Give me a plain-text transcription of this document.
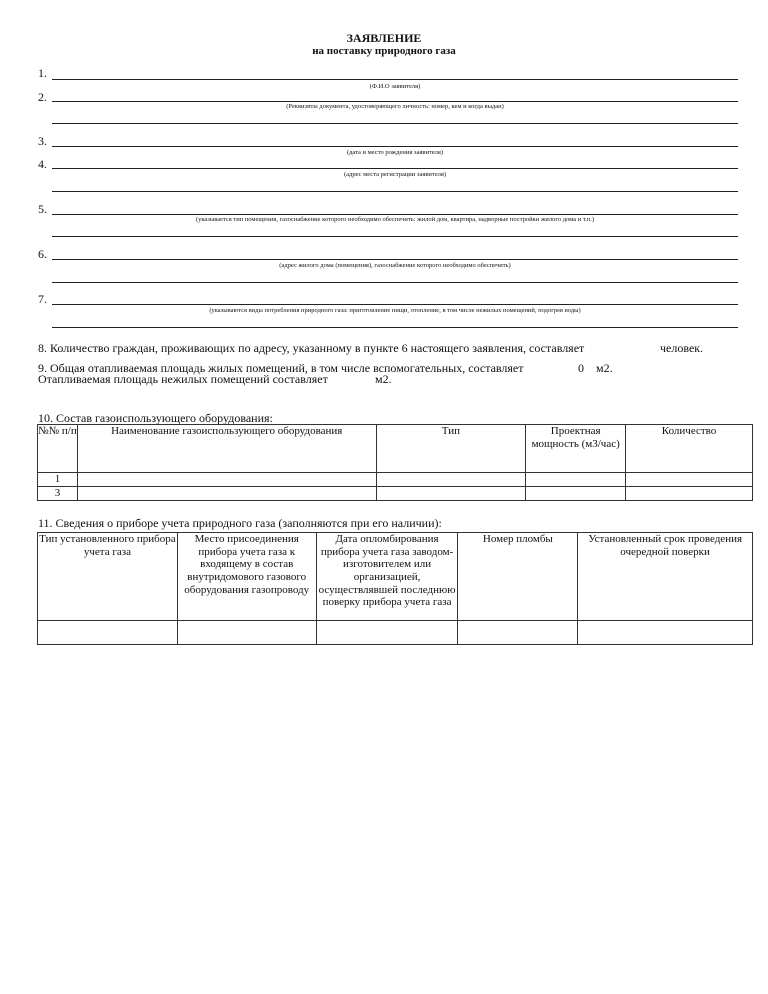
ЗАЯВЛЕНИЕ
на поставку природного газа
1.
(Ф.И.О заявителя)
2.
(Реквизиты документа, удостоверяющего личность: номер, кем и когда выдан)
3.
(дата и место рождения заявителя)
4.
(адрес места регистрации заявителя)
5.
(указывается тип помещения, газоснабжение которого необходимо обеспечить: жилой дом, квартира, надворные постройки жилого дома и т.п.)
6.
(адрес жилого дома (помещения), газоснабжение которого необходимо обеспечить)
7.
(указываются виды потребления природного газа: приготовление пищи, отопление, в том числе нежилых помещений, подогрев воды)
8. Количество граждан, проживающих по адресу, указанному в пункте 6 настоящего заявления, составляет	человек.
9. Общая отапливаемая площадь жилых помещений, в том числе вспомогательных, составляет	0 м2.
Отапливаемая площадь нежилых помещений составляет	м2.
10. Состав газоиспользующего оборудования:
№№ п/п	Наименование газоиспользующего оборудования	Тип	Проектная мощность (м3/час)	Количество
1				
3				
11. Сведения о приборе учета природного газа (заполняются при его наличии):
Тип установленного прибора учета газа	Место присоединения прибора учета газа к входящему в состав внутридомового газового оборудования газопроводу	Дата опломбирования прибора учета газа заводом-изготовителем или организацией, осуществлявшей последнюю поверку прибора учета газа	Номер пломбы	Установленный срок проведения очередной поверки
